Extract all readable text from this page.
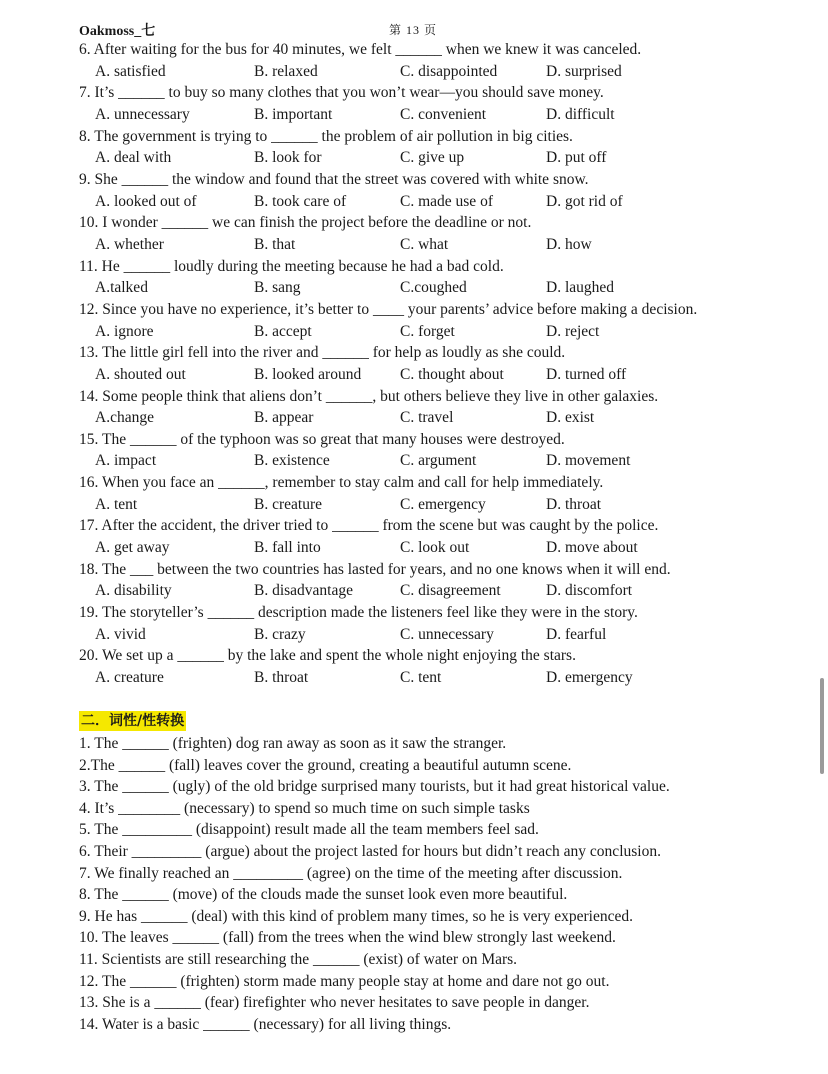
Oakmoss_七	第 13 页
6. After waiting for the bus for 40 minutes, we felt ______ when we knew it was canceled.
A. satisfied	B. relaxed	C. disappointed	D. surprised
7. It’s ______ to buy so many clothes that you won’t wear—you should save money.
A. unnecessary	B. important	C. convenient	D. difficult
8. The government is trying to ______ the problem of air pollution in big cities.
A. deal with	B. look for	C. give up	D. put off
9. She ______ the window and found that the street was covered with white snow.
A. looked out of	B. took care of	C. made use of	D. got rid of
10. I wonder ______ we can finish the project before the deadline or not.
A. whether	B. that	C. what	D. how
11. He ______ loudly during the meeting because he had a bad cold.
A.talked	B. sang	C.coughed	D. laughed
12. Since you have no experience, it’s better to ____ your parents’ advice before making a decision.
A. ignore	B. accept	C. forget	D. reject
13. The little girl fell into the river and ______ for help as loudly as she could.
A. shouted out	B. looked around	C. thought about	D. turned off
14. Some people think that aliens don’t ______, but others believe they live in other galaxies.
A.change	B. appear	C. travel	D. exist
15. The ______ of the typhoon was so great that many houses were destroyed.
A. impact	B. existence	C. argument	D. movement
16. When you face an ______, remember to stay calm and call for help immediately.
A. tent	B. creature	C. emergency	D. throat
17. After the accident, the driver tried to ______ from the scene but was caught by the police.
A. get away	B. fall into	C. look out	D. move about
18. The ___ between the two countries has lasted for years, and no one knows when it will end.
A. disability	B. disadvantage	C. disagreement	D. discomfort
19. The storyteller’s ______ description made the listeners feel like they were in the story.
A. vivid	B. crazy	C. unnecessary	D. fearful
20. We set up a ______ by the lake and spent the whole night enjoying the stars.
A. creature	B. throat	C. tent	D. emergency
二．词性/性转换
1. The ______ (frighten) dog ran away as soon as it saw the stranger.
2.The ______ (fall) leaves cover the ground, creating a beautiful autumn scene.
3. The ______ (ugly) of the old bridge surprised many tourists, but it had great historical value.
4. It’s ________ (necessary) to spend so much time on such simple tasks
5. The _________ (disappoint) result made all the team members feel sad.
6. Their _________ (argue) about the project lasted for hours but didn’t reach any conclusion.
7. We finally reached an _________ (agree) on the time of the meeting after discussion.
8. The ______ (move) of the clouds made the sunset look even more beautiful.
9. He has ______ (deal) with this kind of problem many times, so he is very experienced.
10. The leaves ______ (fall) from the trees when the wind blew strongly last weekend.
11. Scientists are still researching the ______ (exist) of water on Mars.
12. The ______ (frighten) storm made many people stay at home and dare not go out.
13. She is a ______ (fear) firefighter who never hesitates to save people in danger.
14. Water is a basic ______ (necessary) for all living things.
